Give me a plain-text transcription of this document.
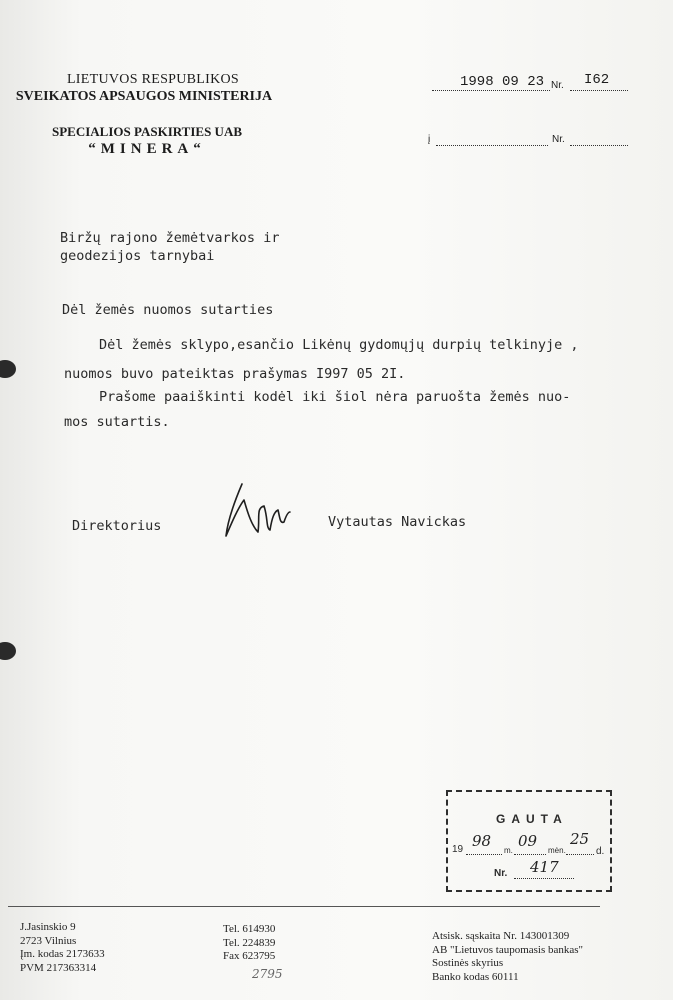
LIETUVOS RESPUBLIKOS
SVEIKATOS APSAUGOS MINISTERIJA
SPECIALIOS PASKIRTIES UAB
“MINERA“
1998 09 23 Nr. I62
į	Nr.
Biržų rajono žemėtvarkos ir
geodezijos tarnybai
Dėl žemės nuomos sutarties
Dėl žemės sklypo,esančio Likėnų gydomųjų durpių telkinyje ,
nuomos buvo pateiktas prašymas I997 05 2I.
Prašome paaiškinti kodėl iki šiol nėra paruošta žemės nuo-
mos sutartis.
Direktorius	Vytautas Navickas
GAUTA
19 98
m.
09
mėn.
25
d.
Nr. 417
J.Jasinskio 9
2723 Vilnius
Įm. kodas 2173633
PVM 217363314
Tel. 614930
Tel. 224839
Fax 623795
2795
Atsisk. sąskaita Nr. 143001309
AB "Lietuvos taupomasis bankas"
Sostinės skyrius
Banko kodas 60111
